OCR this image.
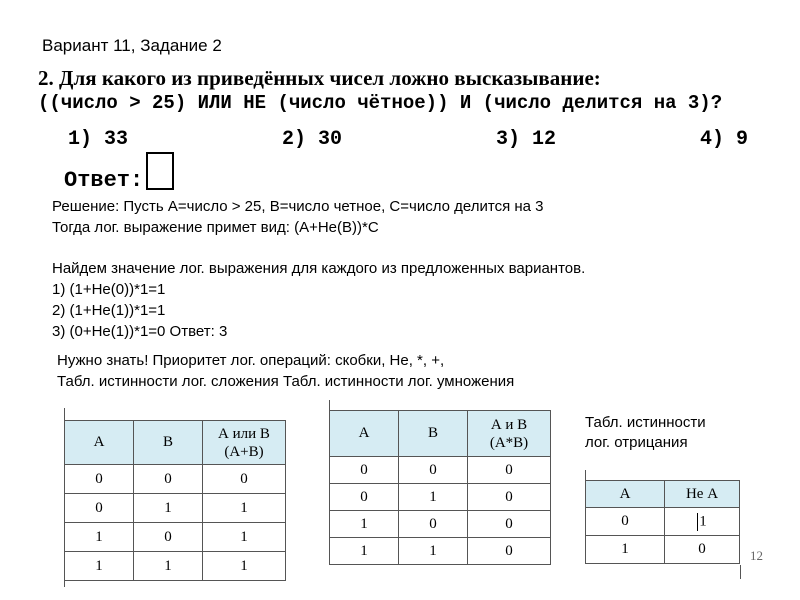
Вариант 11, Задание 2
2. Для какого из приведённых чисел ложно высказывание:
((число > 25) ИЛИ НЕ (число чётное)) И (число делится на 3)?
1) 33	2) 30	3) 12	4) 9
Ответ:
Решение: Пусть А=число > 25, В=число четное, С=число делится на 3
Тогда лог. выражение примет вид: (А+Не(В))*С
Найдем значение лог. выражения для каждого из предложенных вариантов.
1) (1+Не(0))*1=1
2) (1+Не(1))*1=1
3) (0+Не(1))*1=0 Ответ: 3
Нужно знать! Приоритет лог. операций: скобки, Не, *, +,
Табл. истинности лог. сложения Табл. истинности лог. умножения
А	В	А или В
(А+В)
0	0	0
0	1	1
1	0	1
1	1	1
А	В	А и В
(А*В)
0	0	0
0	1	0
1	0	0
1	1	0
Табл. истинности
лог. отрицания
А	Не А
0	1
1	0	12
